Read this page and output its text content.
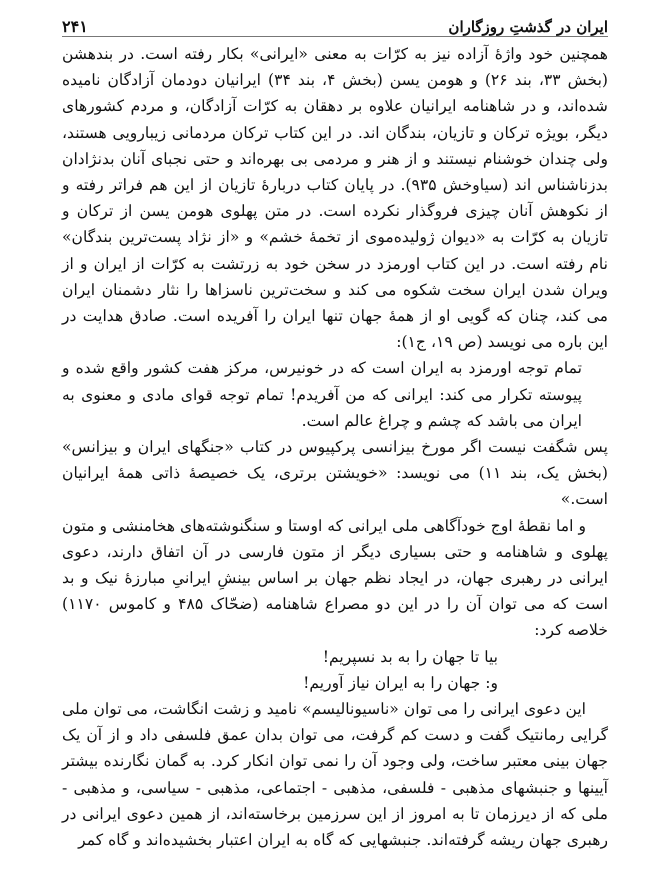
ایران در گذشتِ روزگاران
۲۴۱

همچنین خود واژهٔ آزاده نیز به کرّات به معنی «ایرانی» بکار رفته است. در بندهشن (بخش ۳۳، بند ۲۶) و هومن یسن (بخش ۴، بند ۳۴) ایرانیان دودمان آزادگان نامیده شده‌اند، و در شاهنامه ایرانیان علاوه بر دهقان به کرّات آزادگان، و مردم کشورهای دیگر، بویژه ترکان و تازیان، بندگان اند. در این کتاب ترکان مردمانی زیبارویی هستند، ولی چندان خوشنام نیستند و از هنر و مردمی بی بهره‌اند و حتی نجبای آنان بدنژادان بدزناشناس اند (سیاوخش ۹۳۵). در پایان کتاب دربارهٔ تازیان از این هم فراتر رفته و از نکوهش آنان چیزی فروگذار نکرده است. در متن پهلوی هومن یسن از ترکان و تازیان به کرّات به «دیوان ژولیده‌موی از تخمهٔ خشم» و «از نژاد پست‌ترین بندگان» نام رفته است. در این کتاب اورمزد در سخن خود به زرتشت به کرّات از ایران و از ویران شدن ایران سخت شکوه می کند و سخت‌ترین ناسزاها را نثار دشمنان ایران می کند، چنان که گویی او از همهٔ جهان تنها ایران را آفریده است. صادق هدایت در این باره می نویسد (ص ۱۹، ج۱):

تمام توجه اورمزد به ایران است که در خونیرس، مرکز هفت کشور واقع شده و پیوسته تکرار می کند: ایرانی که من آفریدم! تمام توجه قوای مادی و معنوی به ایران می باشد که چشم و چراغ عالم است.

پس شگفت نیست اگر مورخ بیزانسی پرکپیوس در کتاب «جنگهای ایران و بیزانس» (بخش یک، بند ۱۱) می نویسد: «خویشتن برتری، یک خصیصهٔ ذاتی همهٔ ایرانیان است.»

و اما نقطهٔ اوج خودآگاهی ملی ایرانی که اوستا و سنگنوشته‌های هخامنشی و متون پهلوی و شاهنامه و حتی بسیاری دیگر از متون فارسی در آن اتفاق دارند، دعوی ایرانی در رهبری جهان، در ایجاد نظم جهان بر اساس بینشِ ایرانیِ مبارزهٔ نیک و بد است که می توان آن را در این دو مصراع شاهنامه (ضحّاک ۴۸۵ و کاموس ۱۱۷۰) خلاصه کرد:

بیا تا جهان را به بد نسپریم!

و: جهان را به ایران نیاز آوریم!

این دعوی ایرانی را می توان «ناسیونالیسم» نامید و زشت انگاشت، می توان ملی گرایی رمانتیک گفت و دست کم گرفت، می توان بدان عمق فلسفی داد و از آن یک جهان بینی معتبر ساخت، ولی وجود آن را نمی توان انکار کرد. به گمان نگارنده بیشتر آیینها و جنبشهای مذهبی - فلسفی، مذهبی - اجتماعی، مذهبی - سیاسی، و مذهبی - ملی که از دیرزمان تا به امروز از این سرزمین برخاسته‌اند، از همین دعوی ایرانی در رهبری جهان ریشه گرفته‌اند. جنبشهایی که گاه به ایران اعتبار بخشیده‌اند و گاه کمر
